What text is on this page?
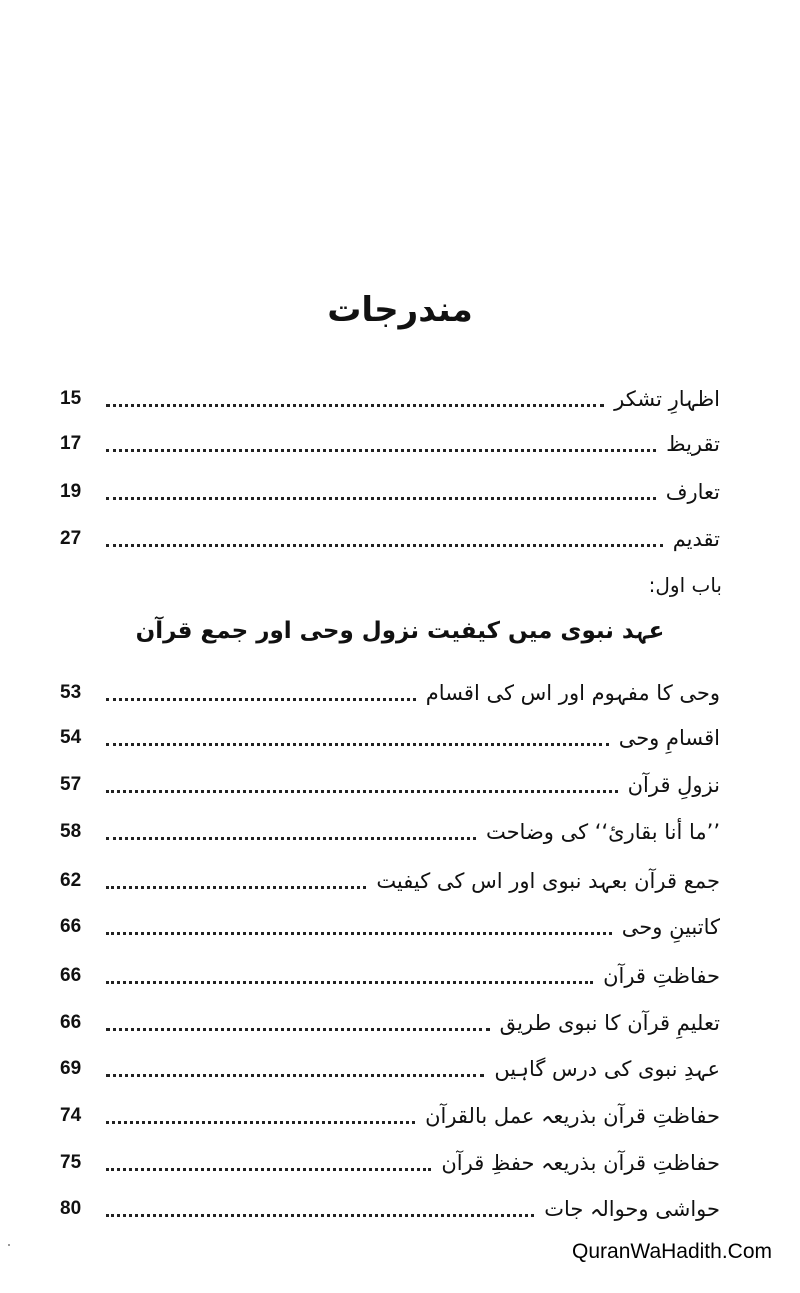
مندرجات
اظہارِ تشکر
15
تقریظ
17
تعارف
19
تقدیم
27
باب اول:
عہد نبوی میں کیفیت نزول وحی اور جمع قرآن
وحی کا مفہوم اور اس کی اقسام
53
اقسامِ وحی
54
نزولِ قرآن
57
’’ما أنا بقاریٔ‘‘ کی وضاحت
58
جمع قرآن بعہد نبوی اور اس کی کیفیت
62
کاتبینِ وحی
66
حفاظتِ قرآن
66
تعلیمِ قرآن کا نبوی طریق
66
عہدِ نبوی کی درس گاہیں
69
حفاظتِ قرآن بذریعہ عمل بالقرآن
74
حفاظتِ قرآن بذریعہ حفظِ قرآن
75
حواشی وحوالہ جات
80
QuranWaHadith.Com
